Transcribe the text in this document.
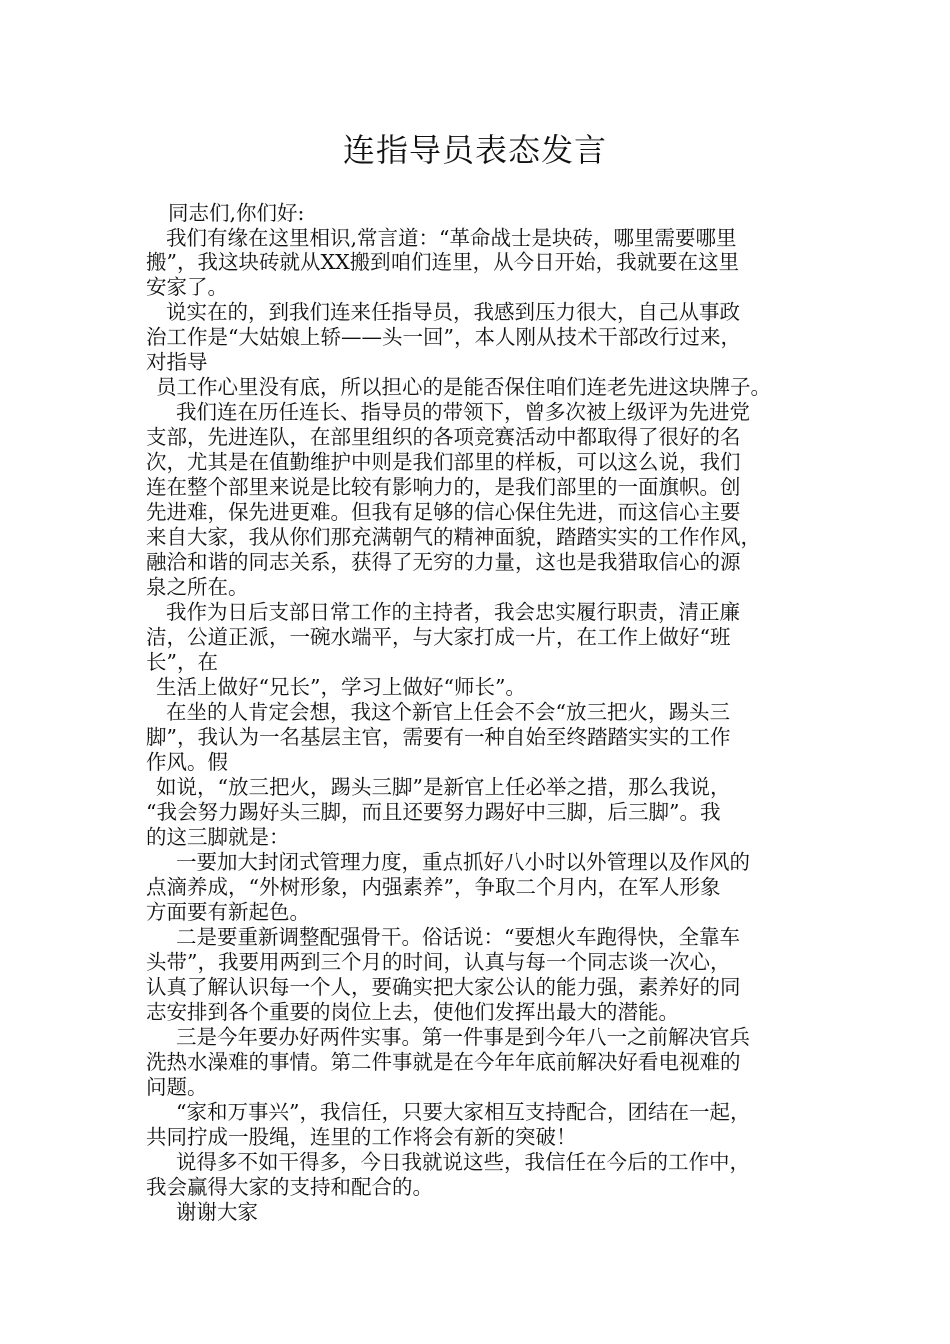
连指导员表态发言
同志们,你们好:
我们有缘在这里相识,常言道：“革命战士是块砖，哪里需要哪里
搬”，我这块砖就从XX搬到咱们连里，从今日开始，我就要在这里
安家了。
说实在的，到我们连来任指导员，我感到压力很大，自己从事政
治工作是“大姑娘上轿——头一回”，本人刚从技术干部改行过来，
对指导
员工作心里没有底，所以担心的是能否保住咱们连老先进这块牌子。
我们连在历任连长、指导员的带领下，曾多次被上级评为先进党
支部，先进连队，在部里组织的各项竞赛活动中都取得了很好的名
次，尤其是在值勤维护中则是我们部里的样板，可以这么说，我们
连在整个部里来说是比较有影响力的，是我们部里的一面旗帜。创
先进难，保先进更难。但我有足够的信心保住先进，而这信心主要
来自大家，我从你们那充满朝气的精神面貌，踏踏实实的工作作风，
融洽和谐的同志关系，获得了无穷的力量，这也是我猎取信心的源
泉之所在。
我作为日后支部日常工作的主持者，我会忠实履行职责，清正廉
洁，公道正派，一碗水端平，与大家打成一片，在工作上做好“班
长”，在
生活上做好“兄长”，学习上做好“师长”。
在坐的人肯定会想，我这个新官上任会不会“放三把火，踢头三
脚”，我认为一名基层主官，需要有一种自始至终踏踏实实的工作
作风。假
如说，“放三把火，踢头三脚”是新官上任必举之措，那么我说，
“我会努力踢好头三脚，而且还要努力踢好中三脚，后三脚”。我
的这三脚就是：
一要加大封闭式管理力度，重点抓好八小时以外管理以及作风的
点滴养成，“外树形象，内强素养”，争取二个月内，在军人形象
方面要有新起色。
二是要重新调整配强骨干。俗话说：“要想火车跑得快，全靠车
头带”，我要用两到三个月的时间，认真与每一个同志谈一次心，
认真了解认识每一个人，要确实把大家公认的能力强，素养好的同
志安排到各个重要的岗位上去，使他们发挥出最大的潜能。
三是今年要办好两件实事。第一件事是到今年八一之前解决官兵
洗热水澡难的事情。第二件事就是在今年年底前解决好看电视难的
问题。
“家和万事兴”，我信任，只要大家相互支持配合，团结在一起，
共同拧成一股绳，连里的工作将会有新的突破！
说得多不如干得多，今日我就说这些，我信任在今后的工作中，
我会赢得大家的支持和配合的。
谢谢大家
